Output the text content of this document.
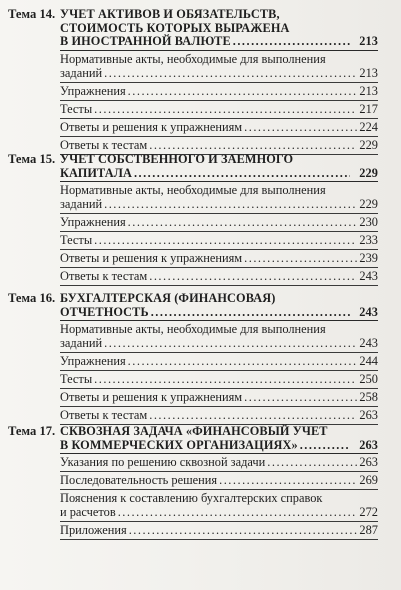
Тема 14. УЧЕТ АКТИВОВ И ОБЯЗАТЕЛЬСТВ,
СТОИМОСТЬ КОТОРЫХ ВЫРАЖЕНА
В ИНОСТРАННОЙ ВАЛЮТЕ .....	213
Нормативные акты, необходимые для выполнения
заданий .....	213
Упражнения .....	213
Тесты .....	217
Ответы и решения к упражнениям .....	224
Ответы к тестам .....	229
Тема 15. УЧЕТ СОБСТВЕННОГО И ЗАЕМНОГО
КАПИТАЛА .....	229
Нормативные акты, необходимые для выполнения
заданий .....	229
Упражнения .....	230
Тесты .....	233
Ответы и решения к упражнениям .....	239
Ответы к тестам .....	243
Тема 16. БУХГАЛТЕРСКАЯ (ФИНАНСОВАЯ)
ОТЧЕТНОСТЬ .....	243
Нормативные акты, необходимые для выполнения
заданий .....	243
Упражнения .....	244
Тесты .....	250
Ответы и решения к упражнениям .....	258
Ответы к тестам .....	263
Тема 17. СКВОЗНАЯ ЗАДАЧА «ФИНАНСОВЫЙ УЧЕТ
В КОММЕРЧЕСКИХ ОРГАНИЗАЦИЯХ» .....	263
Указания по решению сквозной задачи .....	263
Последовательность решения .....	269
Пояснения к составлению бухгалтерских справок
и расчетов .....	272
Приложения .....	287
